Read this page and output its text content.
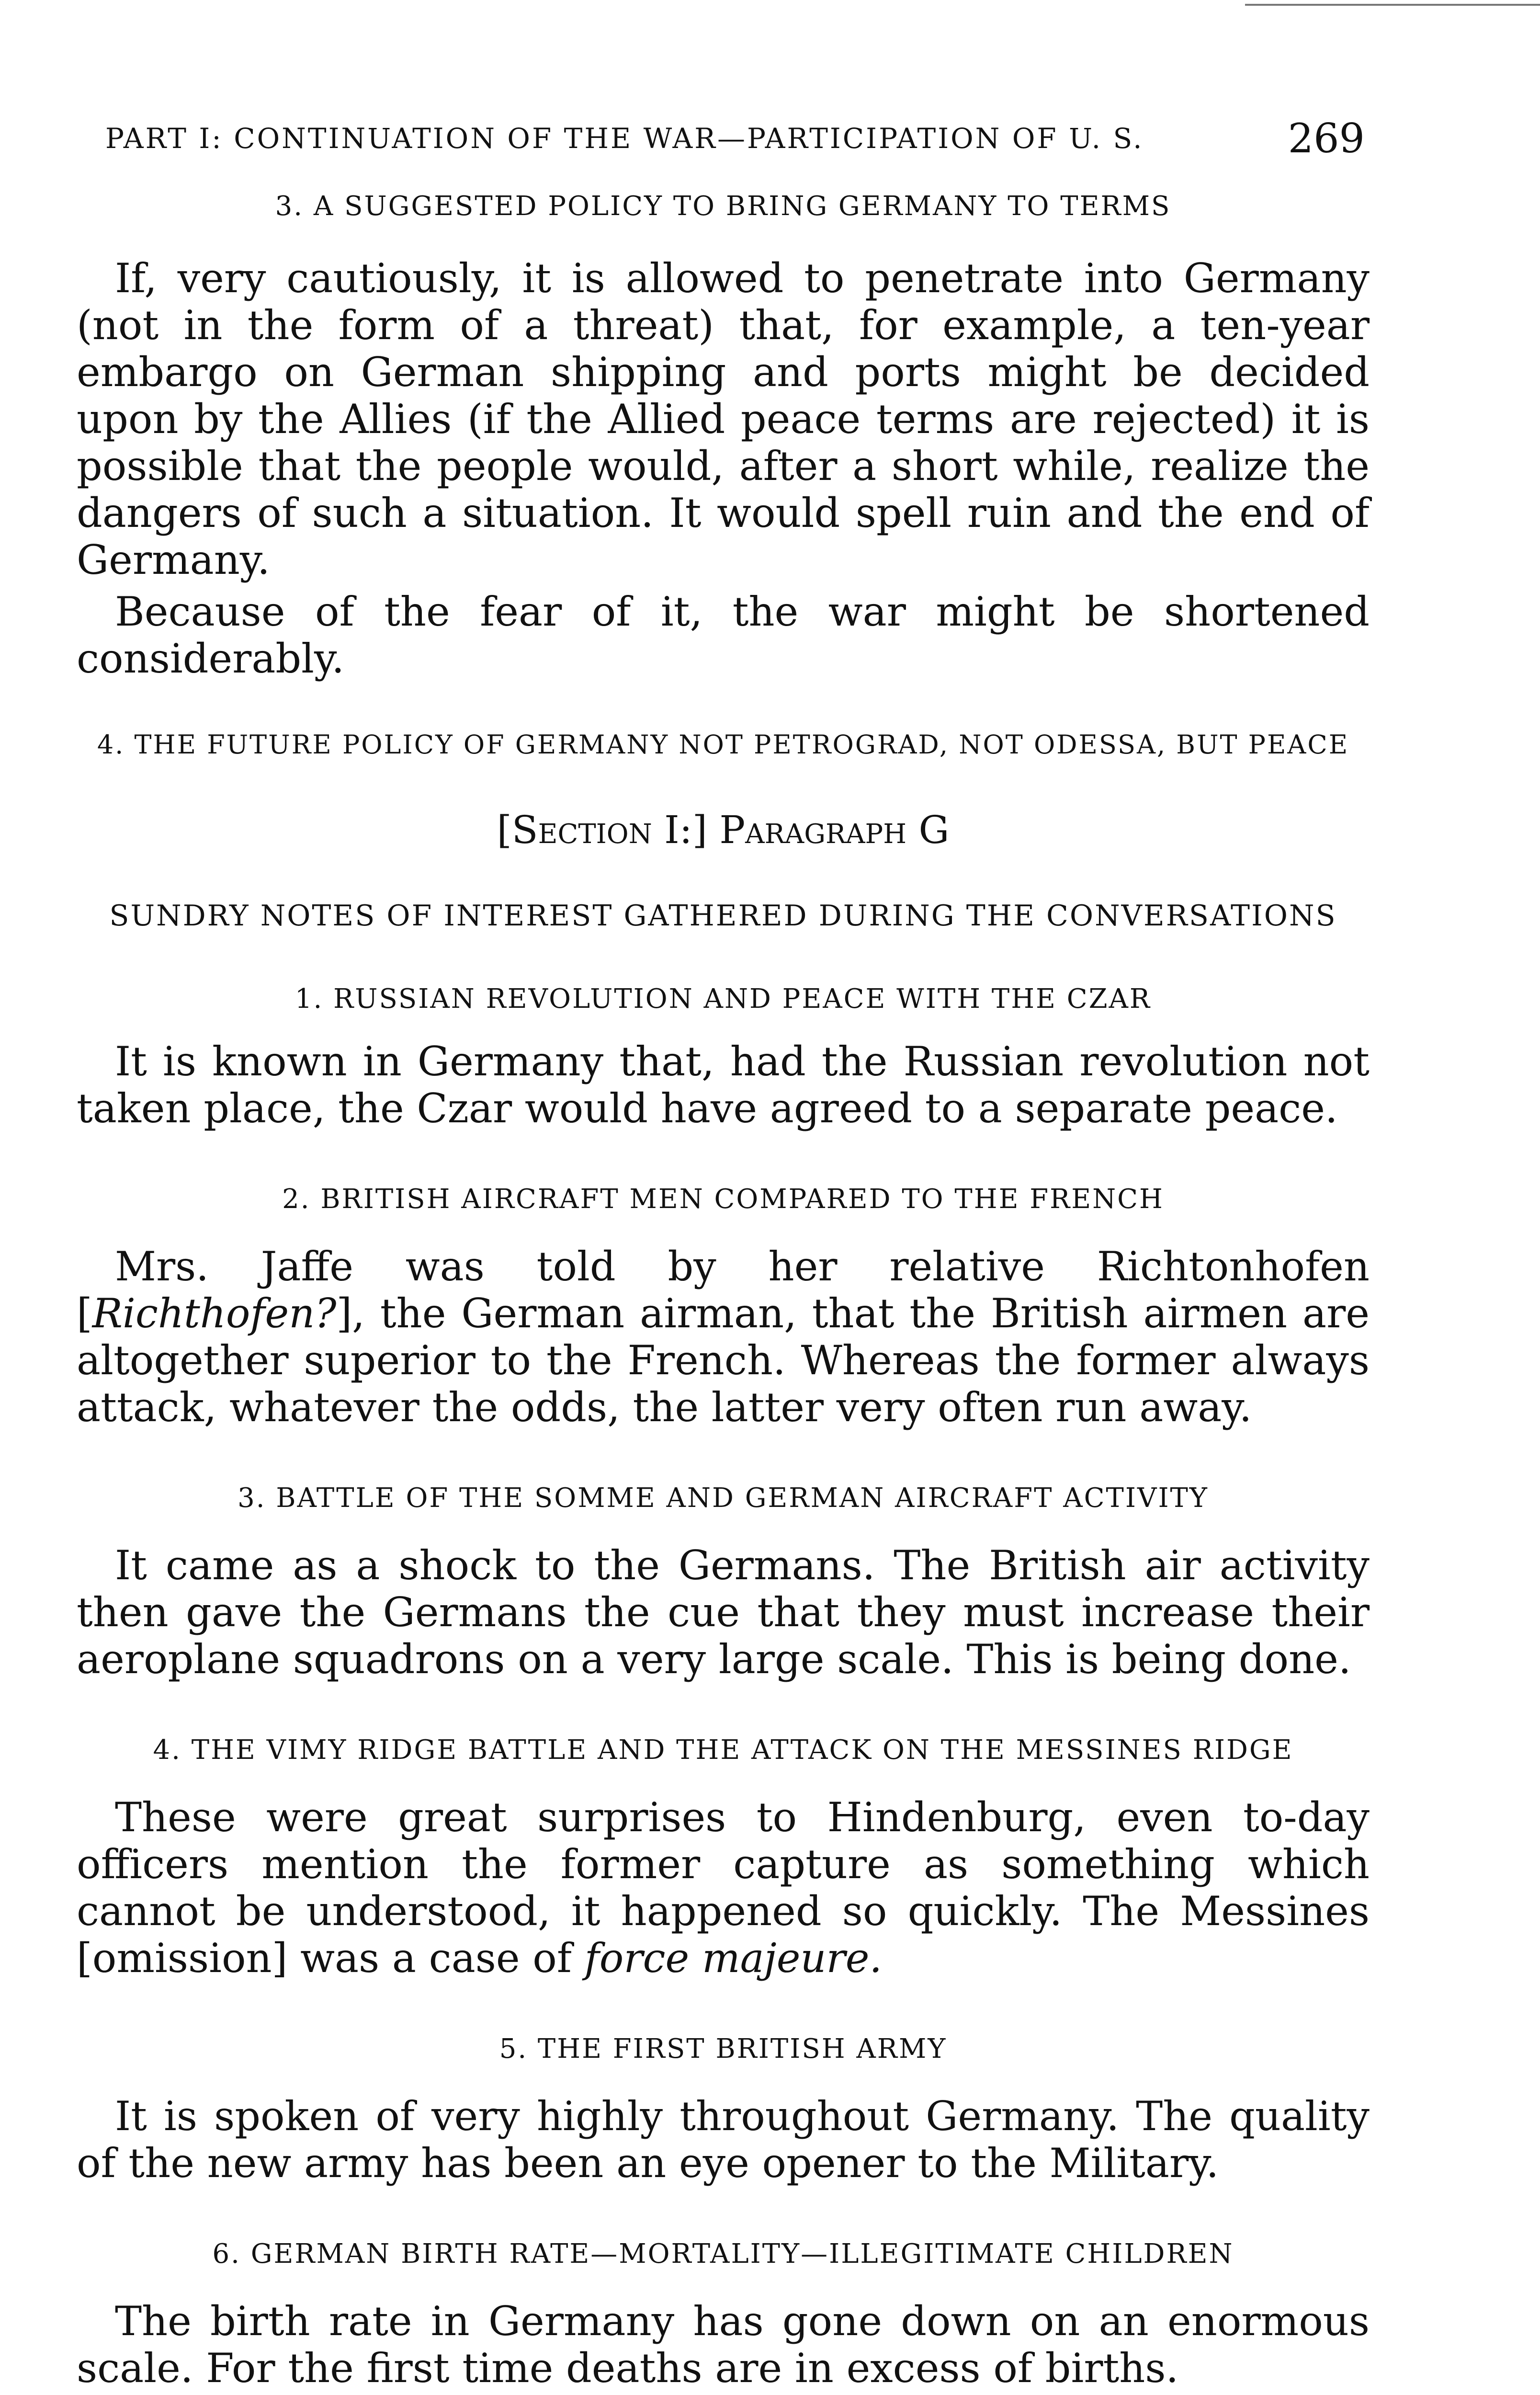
PART I: CONTINUATION OF THE WAR—PARTICIPATION OF U. S.	269

3. A SUGGESTED POLICY TO BRING GERMANY TO TERMS

If, very cautiously, it is allowed to penetrate into Germany (not in the form of a threat) that, for example, a ten-year embargo on German shipping and ports might be decided upon by the Allies (if the Allied peace terms are rejected) it is possible that the people would, after a short while, realize the dangers of such a situation. It would spell ruin and the end of Germany.

Because of the fear of it, the war might be shortened considerably.

4. THE FUTURE POLICY OF GERMANY NOT PETROGRAD, NOT ODESSA, BUT PEACE

[Section I:] Paragraph G

SUNDRY NOTES OF INTEREST GATHERED DURING THE CONVERSATIONS

1. RUSSIAN REVOLUTION AND PEACE WITH THE CZAR

It is known in Germany that, had the Russian revolution not taken place, the Czar would have agreed to a separate peace.

2. BRITISH AIRCRAFT MEN COMPARED TO THE FRENCH

Mrs. Jaffe was told by her relative Richtonhofen [Richthofen?], the German airman, that the British airmen are altogether superior to the French. Whereas the former always attack, whatever the odds, the latter very often run away.

3. BATTLE OF THE SOMME AND GERMAN AIRCRAFT ACTIVITY

It came as a shock to the Germans. The British air activity then gave the Germans the cue that they must increase their aeroplane squadrons on a very large scale. This is being done.

4. THE VIMY RIDGE BATTLE AND THE ATTACK ON THE MESSINES RIDGE

These were great surprises to Hindenburg, even to-day officers mention the former capture as something which cannot be understood, it happened so quickly. The Messines [omission] was a case of force majeure.

5. THE FIRST BRITISH ARMY

It is spoken of very highly throughout Germany. The quality of the new army has been an eye opener to the Military.

6. GERMAN BIRTH RATE—MORTALITY—ILLEGITIMATE CHILDREN

The birth rate in Germany has gone down on an enormous scale. For the first time deaths are in excess of births.
